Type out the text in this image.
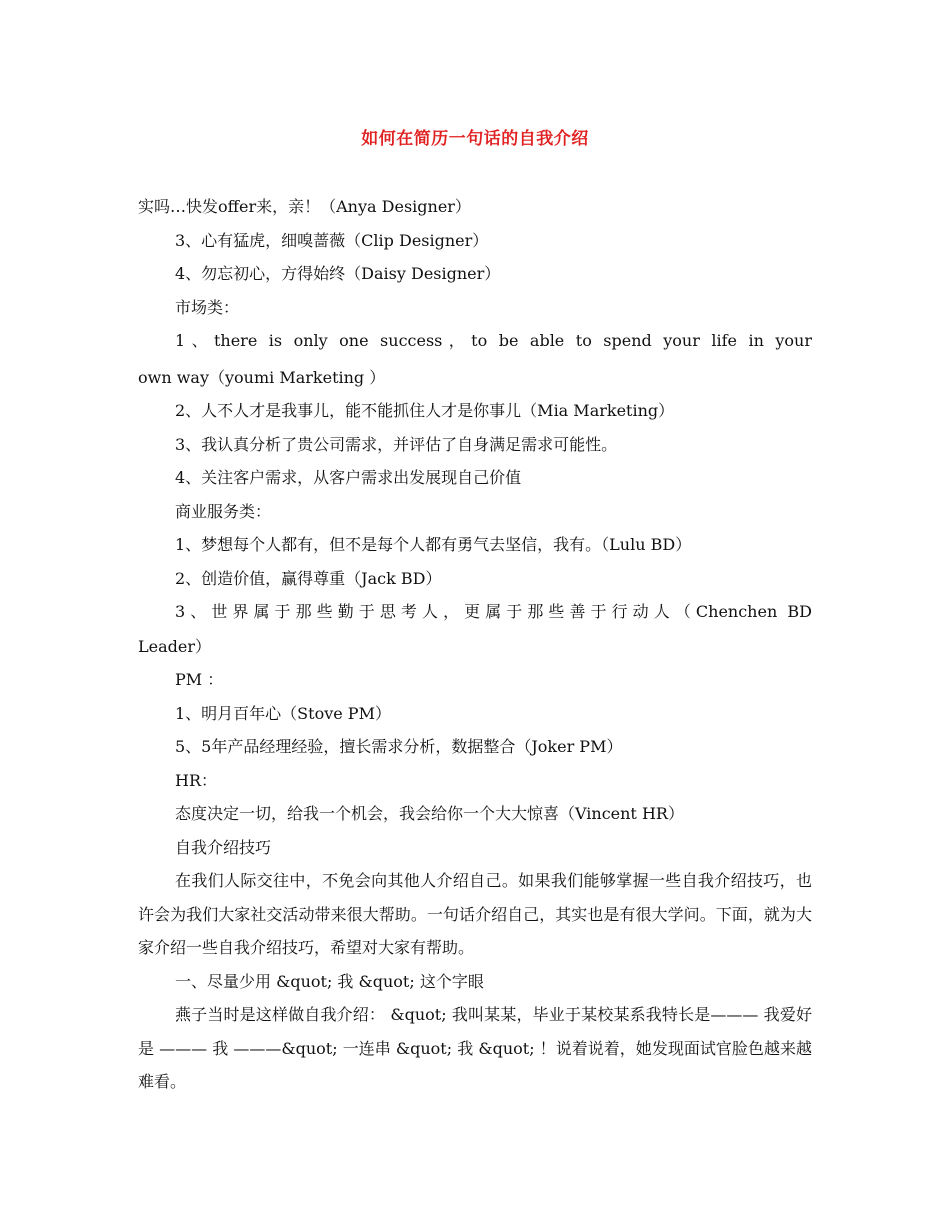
如何在简历一句话的自我介绍
实吗…快发offer来，亲！（Anya Designer）
3、心有猛虎，细嗅蔷薇（Clip Designer）
4、勿忘初心，方得始终（Daisy Designer）
市场类：
1、there is only one success，to be able to spend your life in your
own way（youmi Marketing ）
2、人不人才是我事儿，能不能抓住人才是你事儿（Mia Marketing）
3、我认真分析了贵公司需求，并评估了自身满足需求可能性。
4、关注客户需求，从客户需求出发展现自己价值
商业服务类：
1、梦想每个人都有，但不是每个人都有勇气去坚信，我有。（Lulu BD）
2、创造价值，赢得尊重（Jack BD）
3、世界属于那些勤于思考人，更属于那些善于行动人（Chenchen BD
Leader）
PM ：
1、明月百年心（Stove PM）
5、5年产品经理经验，擅长需求分析，数据整合（Joker PM）
HR：
态度决定一切，给我一个机会，我会给你一个大大惊喜（Vincent HR）
自我介绍技巧
在我们人际交往中，不免会向其他人介绍自己。如果我们能够掌握一些自我介绍技巧，也许会为我们大家社交活动带来很大帮助。一句话介绍自己，其实也是有很大学问。下面，就为大家介绍一些自我介绍技巧，希望对大家有帮助。
一、尽量少用 &quot; 我 &quot; 这个字眼
燕子当时是这样做自我介绍： &quot; 我叫某某，毕业于某校某系我特长是——— 我爱好是 ——— 我 ———&quot; 一连串 &quot; 我 &quot; ！说着说着，她发现面试官脸色越来越难看。
